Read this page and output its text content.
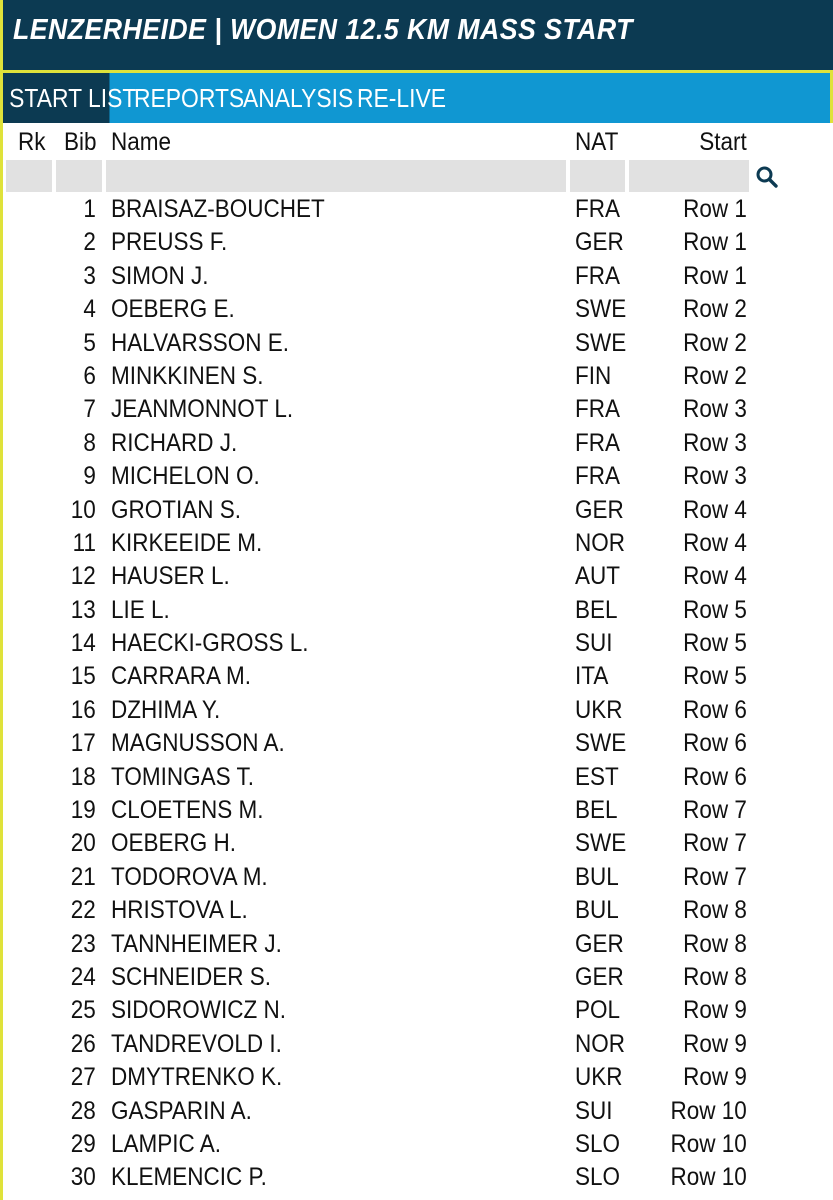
LENZERHEIDE | WOMEN 12.5 KM MASS START
START LIST
REPORTS
ANALYSIS RE-LIVE
Rk Bib Name	NAT	Start
1 BRAISAZ-BOUCHET	FRA	Row 1
2 PREUSS F.	GER Row 1
3 SIMON J.	FRA	Row 1
4 OEBERG E.	SWE Row 2
5 HALVARSSON E.	SWE Row 2
6 MINKKINEN S.	FIN	Row 2
7 JEANMONNOT L.	FRA	Row 3
8 RICHARD J.	FRA	Row 3
9 MICHELON O.	FRA	Row 3
10 GROTIAN S.	GER Row 4
11 KIRKEEIDE M.	NOR Row 4
12 HAUSER L.	AUT	Row 4
13 LIE L.	BEL	Row 5
14 HAECKI-GROSS L.	SUI	Row 5
15 CARRARA M.	ITA	Row 5
16 DZHIMA Y.	UKR Row 6
17 MAGNUSSON A.	SWE Row 6
18 TOMINGAS T.	EST	Row 6
19 CLOETENS M.	BEL	Row 7
20 OEBERG H.	SWE Row 7
21 TODOROVA M.	BUL	Row 7
22 HRISTOVA L.	BUL	Row 8
23 TANNHEIMER J.	GER Row 8
24 SCHNEIDER S.	GER Row 8
25 SIDOROWICZ N.	POL	Row 9
26 TANDREVOLD I.	NOR Row 9
27 DMYTRENKO K.	UKR Row 9
28 GASPARIN A.	SUI Row 10
29 LAMPIC A.	SLO Row 10
30 KLEMENCIC P.	SLO Row 10
